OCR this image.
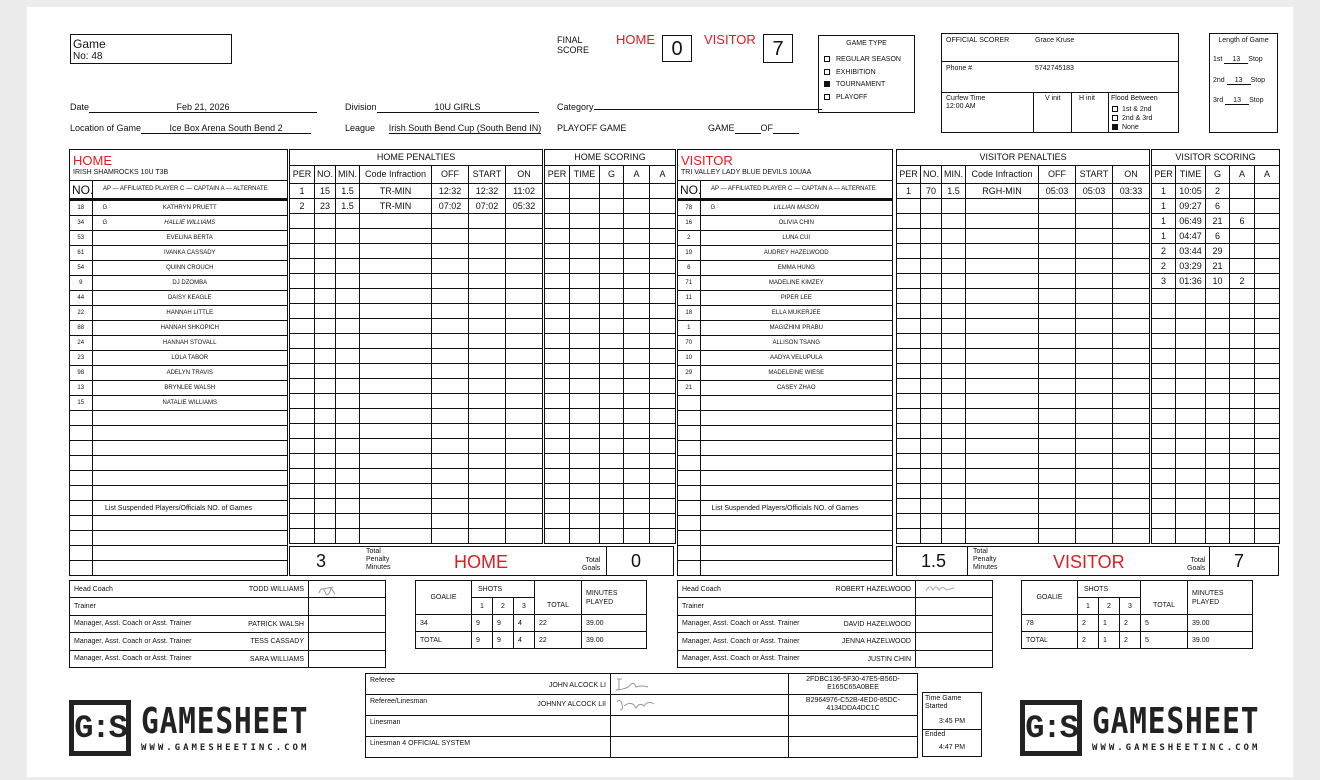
Game
No: 48
FINAL
SCORE
HOME 0	VISITOR 7	GAME TYPE
REGULAR SEASON
EXHIBITION
TOURNAMENT
PLAYOFF
OFFICIAL SCORER	Grace Kruse
Phone #	5742745183
Curfew Time
12:00 AM
V init	H init Flood Between
1st & 2nd
2nd & 3rd
None
Length of Game
1st 13 Stop
2nd 13 Stop
3rd 13 Stop
Date	Feb 21, 2026	Division	10U GIRLS	Category
Location of Game	Ice Box Arena South Bend 2	League	Irish South Bend Cup (South Bend IN)	PLAYOFF GAME	GAME	OF
HOME
IRISH SHAMROCKS 10U T3B
NO. AP — AFFILIATED PLAYER C — CAPTAIN A — ALTERNATE
18	G KATHRYN PRUETT
34	G HALLIE WILLIAMS
53	EVELINA BERTA
61	IVANKA CASSADY
54	QUINN CROUCH
9	DJ DZOMBA
44	DAISY KEAGLE
22	HANNAH LITTLE
88	HANNAH SHKOPICH
24	HANNAH STOVALL
23	LOLA TABOR
98	ADELYN TRAVIS
13	BRYNLEE WALSH
15	NATALIE WILLIAMS

List Suspended Players/Officials NO. of Games	

HOME PENALTIES						
PER	NO.	MIN.	Code Infraction	OFF	START	ON
1	15	1.5	TR-MIN	12:32	12:32	11:02
2	23	1.5	TR-MIN	07:02	07:02	05:32

HOME SCORING				
PER	TIME	G	A	A

3	Total
Penalty
Minutes	HOME	Total
Goals 0
VISITOR
TRI VALLEY LADY BLUE DEVILS 10UAA
NO. AP — AFFILIATED PLAYER C — CAPTAIN A — ALTERNATE
78	G LILLIAN MASON
16	OLIVIA CHIN
2	LUNA CUI
19	AUDREY HAZELWOOD
6	EMMA HUNG
71	MADELINE KIMZEY
11	PIPER LEE
18	ELLA MUKERJEE
1	MAGIZHINI PRABU
70	ALLISON TSANG
10	AADYA VELUPULA
29	MADELEINE WIESE
21	CASEY ZHAO

List Suspended Players/Officials NO. of Games	

VISITOR PENALTIES						
PER	NO.	MIN.	Code Infraction	OFF	START	ON
1	70	1.5	RGH-MIN	05:03	05:03	03:33

VISITOR SCORING				
PER	TIME	G	A	A
1	10:05	2		
1	09:27	6		
1	06:49	21	6	
1	04:47	6		
2	03:44	29		
2	03:29	21		
3	01:36	10	2	

1.5	Total
Penalty
Minutes	VISITOR	Total
Goals 7
Head Coach TODD WILLIAMS	

Trainer

Manager, Asst. Coach or Asst. Trainer PATRICK WALSH	

Manager, Asst. Coach or Asst. Trainer TESS CASSADY	

Manager, Asst. Coach or Asst. Trainer SARA WILLIAMS	

Head Coach ROBERT HAZELWOOD	

Trainer

Manager, Asst. Coach or Asst. Trainer DAVID HAZELWOOD	

Manager, Asst. Coach or Asst. Trainer JENNA HAZELWOOD	

Manager, Asst. Coach or Asst. Trainer JUSTIN CHIN	

GOALIE	SHOTS				MINUTES PLAYED
	1	2	3	TOTAL	
34	9	9	4	22	39.00
TOTAL	9	9	4	22	39.00
GOALIE	SHOTS				MINUTES PLAYED
	1	2	3	TOTAL	
78	2	1	2	5	39.00
TOTAL	2	1	2	5	39.00
Referee
JOHN ALCOCK LI		2FDBC136-5F30-47E5-B56D-E165C65A0BEE

Referee/Linesman JOHNNY ALCOCK LII		B2964976-C52B-4ED0-85DC-4134DDA4DC1C

Linesman		

Linesman 4 OFFICIAL SYSTEM		

Time Game Started
3:45 PM
Ended
4:47 PM
G:S GAMESHEET
WWW.GAMESHEETINC.COM
G:S GAMESHEET
WWW.GAMESHEETINC.COM
